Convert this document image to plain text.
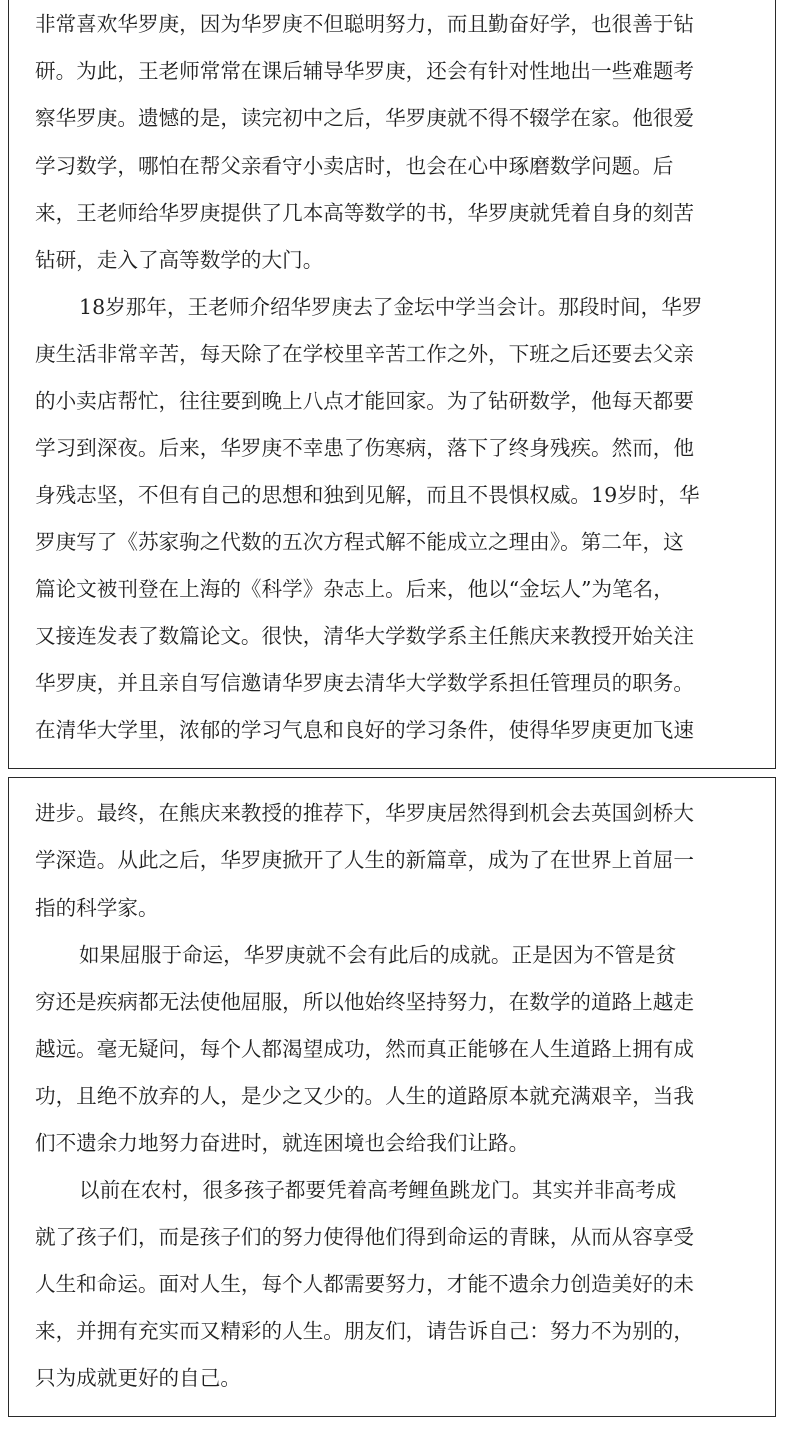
非常喜欢华罗庚，因为华罗庚不但聪明努力，而且勤奋好学，也很善于钻
研。为此，王老师常常在课后辅导华罗庚，还会有针对性地出一些难题考
察华罗庚。遗憾的是，读完初中之后，华罗庚就不得不辍学在家。他很爱
学习数学，哪怕在帮父亲看守小卖店时，也会在心中琢磨数学问题。后
来，王老师给华罗庚提供了几本高等数学的书，华罗庚就凭着自身的刻苦
钻研，走入了高等数学的大门。
18岁那年，王老师介绍华罗庚去了金坛中学当会计。那段时间，华罗
庚生活非常辛苦，每天除了在学校里辛苦工作之外，下班之后还要去父亲
的小卖店帮忙，往往要到晚上八点才能回家。为了钻研数学，他每天都要
学习到深夜。后来，华罗庚不幸患了伤寒病，落下了终身残疾。然而，他
身残志坚，不但有自己的思想和独到见解，而且不畏惧权威。19岁时，华
罗庚写了《苏家驹之代数的五次方程式解不能成立之理由》。第二年，这
篇论文被刊登在上海的《科学》杂志上。后来，他以“金坛人”为笔名，
又接连发表了数篇论文。很快，清华大学数学系主任熊庆来教授开始关注
华罗庚，并且亲自写信邀请华罗庚去清华大学数学系担任管理员的职务。
在清华大学里，浓郁的学习气息和良好的学习条件，使得华罗庚更加飞速
进步。最终，在熊庆来教授的推荐下，华罗庚居然得到机会去英国剑桥大
学深造。从此之后，华罗庚掀开了人生的新篇章，成为了在世界上首屈一
指的科学家。
如果屈服于命运，华罗庚就不会有此后的成就。正是因为不管是贫
穷还是疾病都无法使他屈服，所以他始终坚持努力，在数学的道路上越走
越远。毫无疑问，每个人都渴望成功，然而真正能够在人生道路上拥有成
功，且绝不放弃的人，是少之又少的。人生的道路原本就充满艰辛，当我
们不遗余力地努力奋进时，就连困境也会给我们让路。
以前在农村，很多孩子都要凭着高考鲤鱼跳龙门。其实并非高考成
就了孩子们，而是孩子们的努力使得他们得到命运的青睐，从而从容享受
人生和命运。面对人生，每个人都需要努力，才能不遗余力创造美好的未
来，并拥有充实而又精彩的人生。朋友们，请告诉自己：努力不为别的，
只为成就更好的自己。
